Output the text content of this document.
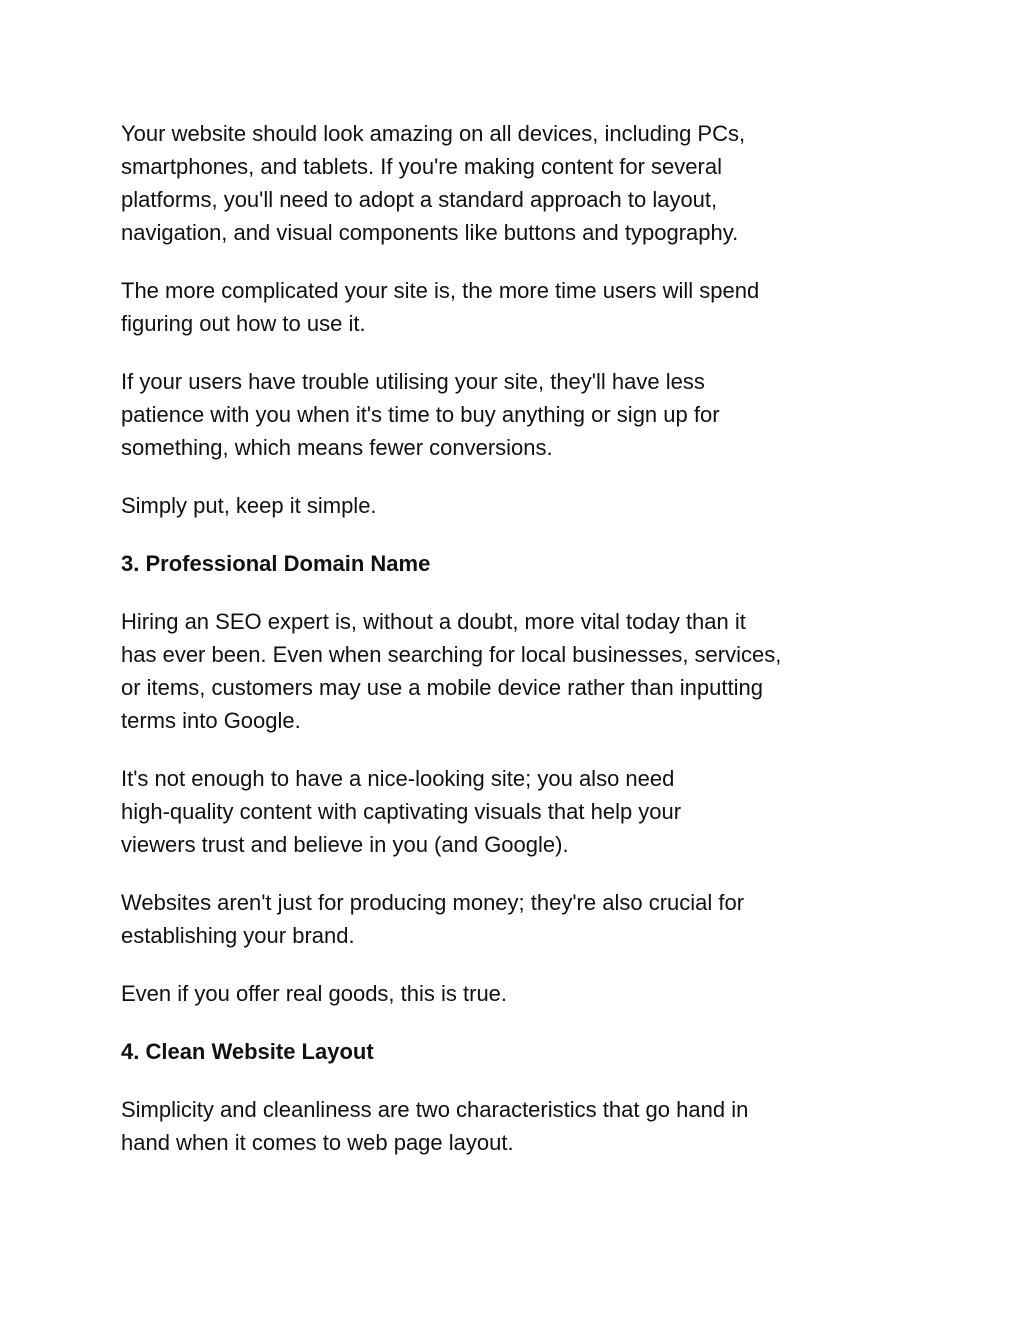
Your website should look amazing on all devices, including PCs,
smartphones, and tablets. If you're making content for several
platforms, you'll need to adopt a standard approach to layout,
navigation, and visual components like buttons and typography.

The more complicated your site is, the more time users will spend
figuring out how to use it.

If your users have trouble utilising your site, they'll have less
patience with you when it's time to buy anything or sign up for
something, which means fewer conversions.

Simply put, keep it simple.

3. Professional Domain Name

Hiring an SEO expert is, without a doubt, more vital today than it
has ever been. Even when searching for local businesses, services,
or items, customers may use a mobile device rather than inputting
terms into Google.

It's not enough to have a nice-looking site; you also need
high-quality content with captivating visuals that help your
viewers trust and believe in you (and Google).

Websites aren't just for producing money; they're also crucial for
establishing your brand.

Even if you offer real goods, this is true.

4. Clean Website Layout

Simplicity and cleanliness are two characteristics that go hand in
hand when it comes to web page layout.
